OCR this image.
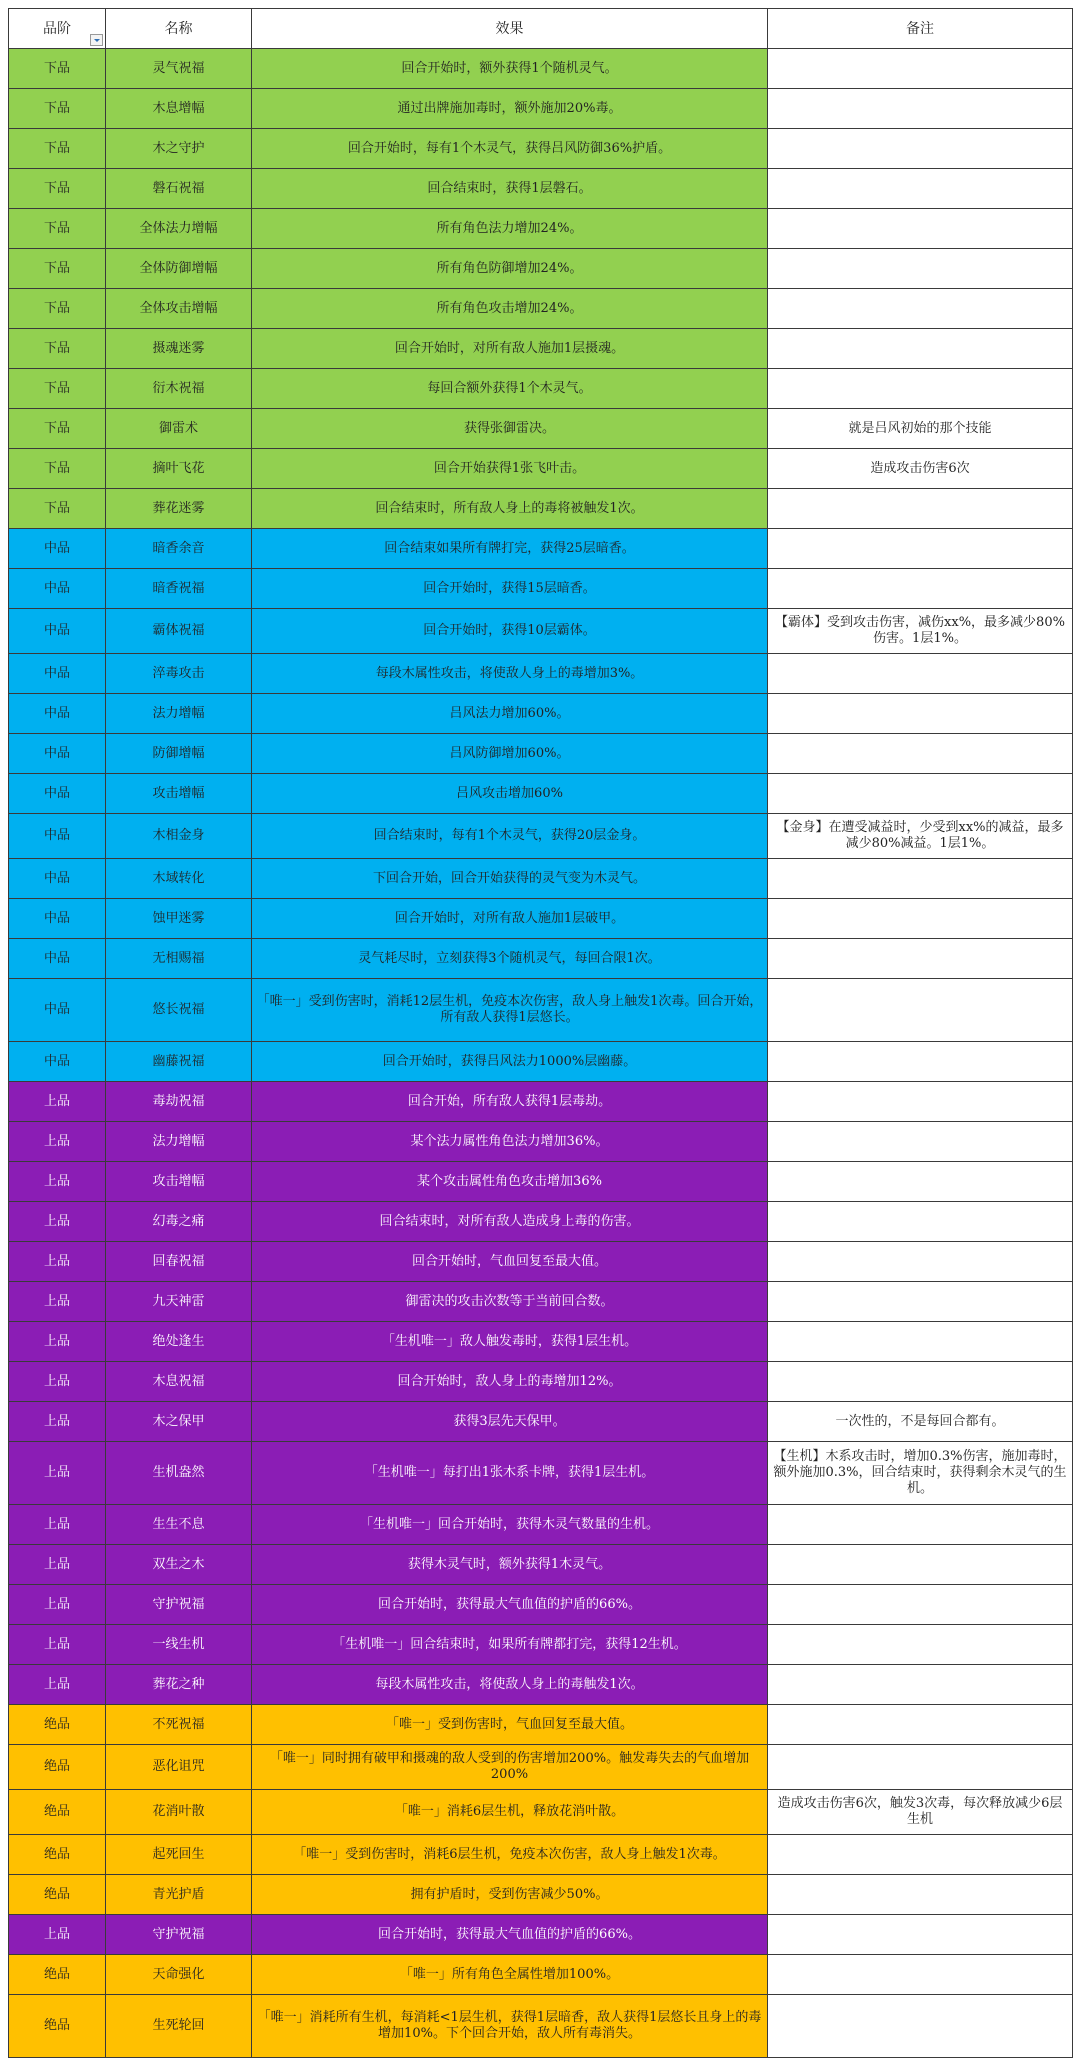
品阶	名称	效果	备注
下品	灵气祝福	回合开始时，额外获得1个随机灵气。	
下品	木息增幅	通过出牌施加毒时，额外施加20%毒。	
下品	木之守护	回合开始时，每有1个木灵气，获得吕风防御36%护盾。	
下品	磐石祝福	回合结束时，获得1层磐石。	
下品	全体法力增幅	所有角色法力增加24%。	
下品	全体防御增幅	所有角色防御增加24%。	
下品	全体攻击增幅	所有角色攻击增加24%。	
下品	摄魂迷雾	回合开始时，对所有敌人施加1层摄魂。	
下品	衍木祝福	每回合额外获得1个木灵气。	
下品	御雷术	获得张御雷决。	就是吕风初始的那个技能
下品	摘叶飞花	回合开始获得1张飞叶击。	造成攻击伤害6次
下品	葬花迷雾	回合结束时，所有敌人身上的毒将被触发1次。	
中品	暗香余音	回合结束如果所有牌打完，获得25层暗香。	
中品	暗香祝福	回合开始时，获得15层暗香。	
中品	霸体祝福	回合开始时，获得10层霸体。	【霸体】受到攻击伤害，减伤xx%，最多减少80%伤害。1层1%。
中品	淬毒攻击	每段木属性攻击，将使敌人身上的毒增加3%。	
中品	法力增幅	吕风法力增加60%。	
中品	防御增幅	吕风防御增加60%。	
中品	攻击增幅	吕风攻击增加60%	
中品	木相金身	回合结束时，每有1个木灵气，获得20层金身。	【金身】在遭受减益时，少受到xx%的减益，最多减少80%减益。1层1%。
中品	木域转化	下回合开始，回合开始获得的灵气变为木灵气。	
中品	蚀甲迷雾	回合开始时，对所有敌人施加1层破甲。	
中品	无相赐福	灵气耗尽时，立刻获得3个随机灵气，每回合限1次。	
中品	悠长祝福	「唯一」受到伤害时，消耗12层生机，免疫本次伤害，敌人身上触发1次毒。回合开始，所有敌人获得1层悠长。	
中品	幽藤祝福	回合开始时，获得吕风法力1000%层幽藤。	
上品	毒劫祝福	回合开始，所有敌人获得1层毒劫。	
上品	法力增幅	某个法力属性角色法力增加36%。	
上品	攻击增幅	某个攻击属性角色攻击增加36%	
上品	幻毒之痛	回合结束时，对所有敌人造成身上毒的伤害。	
上品	回春祝福	回合开始时，气血回复至最大值。	
上品	九天神雷	御雷决的攻击次数等于当前回合数。	
上品	绝处逢生	「生机唯一」敌人触发毒时，获得1层生机。	
上品	木息祝福	回合开始时，敌人身上的毒增加12%。	
上品	木之保甲	获得3层先天保甲。	一次性的，不是每回合都有。
上品	生机盎然	「生机唯一」每打出1张木系卡牌，获得1层生机。	【生机】木系攻击时，增加0.3%伤害，施加毒时，额外施加0.3%，回合结束时，获得剩余木灵气的生机。
上品	生生不息	「生机唯一」回合开始时，获得木灵气数量的生机。	
上品	双生之木	获得木灵气时，额外获得1木灵气。	
上品	守护祝福	回合开始时，获得最大气血值的护盾的66%。	
上品	一线生机	「生机唯一」回合结束时，如果所有牌都打完，获得12生机。	
上品	葬花之种	每段木属性攻击，将使敌人身上的毒触发1次。	
绝品	不死祝福	「唯一」受到伤害时，气血回复至最大值。	
绝品	恶化诅咒	「唯一」同时拥有破甲和摄魂的敌人受到的伤害增加200%。触发毒失去的气血增加200%	
绝品	花消叶散	「唯一」消耗6层生机，释放花消叶散。	造成攻击伤害6次，触发3次毒，每次释放减少6层生机
绝品	起死回生	「唯一」受到伤害时，消耗6层生机，免疫本次伤害，敌人身上触发1次毒。	
绝品	青光护盾	拥有护盾时，受到伤害减少50%。	
上品	守护祝福	回合开始时，获得最大气血值的护盾的66%。	
绝品	天命强化	「唯一」所有角色全属性增加100%。	
绝品	生死轮回	「唯一」消耗所有生机，每消耗<1层生机，获得1层暗香，敌人获得1层悠长且身上的毒增加10%。下个回合开始，敌人所有毒消失。	
